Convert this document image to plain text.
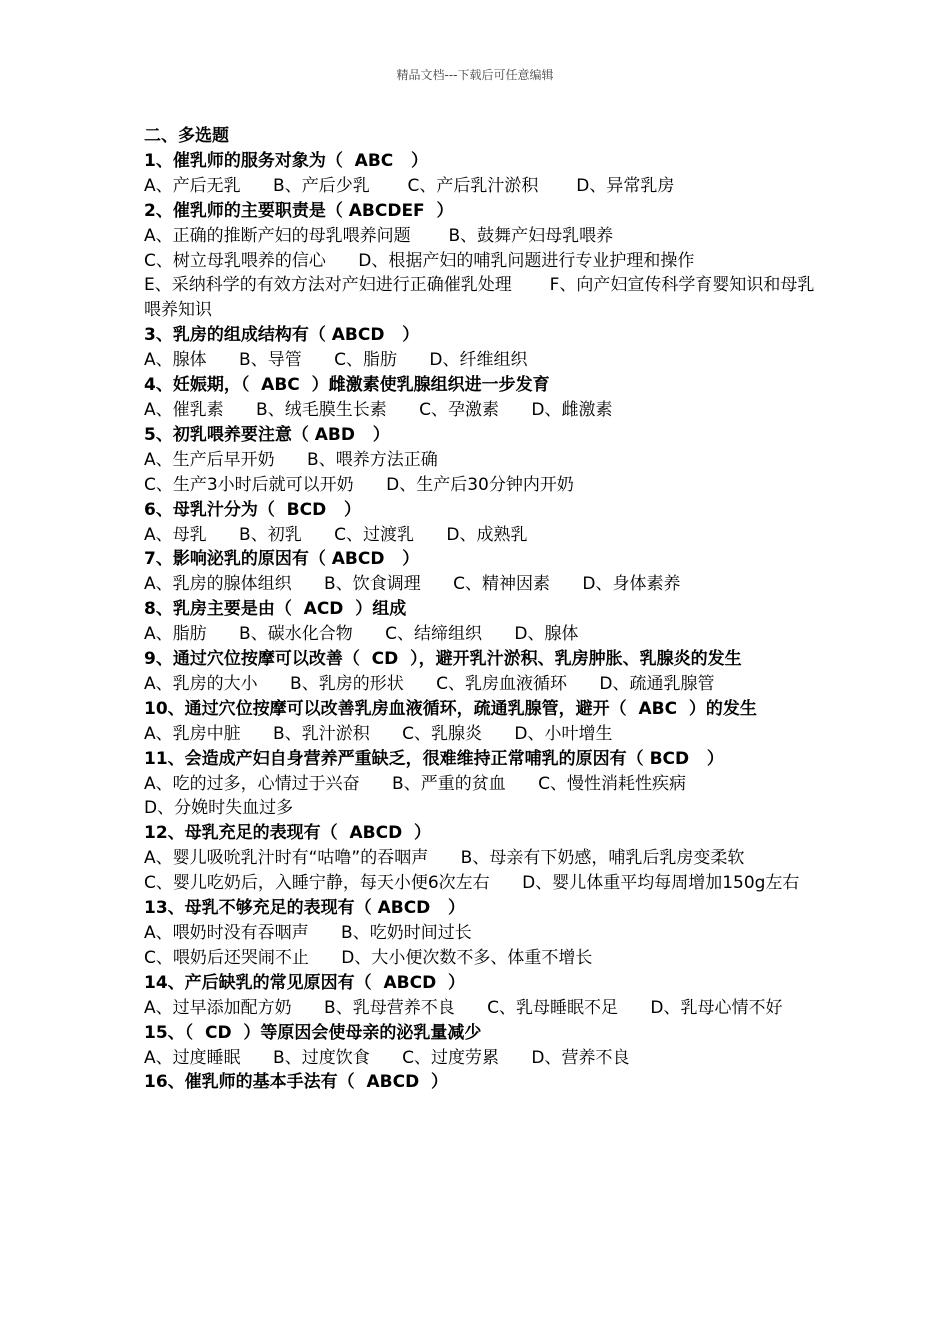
精品文档---下载后可任意编辑

二、多选题

1、催乳师的服务对象为（  ABC   ）

A、产后无乳      B、产后少乳       C、产后乳汁淤积       D、异常乳房

2、催乳师的主要职责是（ ABCDEF  ）

A、正确的推断产妇的母乳喂养问题       B、鼓舞产妇母乳喂养

C、树立母乳喂养的信心      D、根据产妇的哺乳问题进行专业护理和操作

E、采纳科学的有效方法对产妇进行正确催乳处理       F、向产妇宣传科学育婴知识和母乳喂养知识

3、乳房的组成结构有（ ABCD   ）

A、腺体      B、导管      C、脂肪      D、纤维组织

4、妊娠期，（  ABC  ）雌激素使乳腺组织进一步发育

A、催乳素      B、绒毛膜生长素      C、孕激素      D、雌激素

5、初乳喂养要注意（ ABD   ）

A、生产后早开奶      B、喂养方法正确

C、生产3小时后就可以开奶      D、生产后30分钟内开奶

6、母乳汁分为（  BCD   ）

A、母乳      B、初乳      C、过渡乳      D、成熟乳

7、影响泌乳的原因有（ ABCD   ）

A、乳房的腺体组织      B、饮食调理      C、精神因素      D、身体素养

8、乳房主要是由（  ACD  ）组成

A、脂肪      B、碳水化合物      C、结缔组织      D、腺体

9、通过穴位按摩可以改善（  CD  ），避开乳汁淤积、乳房肿胀、乳腺炎的发生

A、乳房的大小      B、乳房的形状      C、乳房血液循环      D、疏通乳腺管

10、通过穴位按摩可以改善乳房血液循环，疏通乳腺管，避开（  ABC  ）的发生

A、乳房中脏      B、乳汁淤积      C、乳腺炎      D、小叶增生

11、会造成产妇自身营养严重缺乏，很难维持正常哺乳的原因有（ BCD   ）

A、吃的过多，心情过于兴奋      B、严重的贫血      C、慢性消耗性疾病

D、分娩时失血过多

12、母乳充足的表现有（  ABCD  ）

A、婴儿吸吮乳汁时有“咕噜”的吞咽声      B、母亲有下奶感，哺乳后乳房变柔软

C、婴儿吃奶后，入睡宁静，每天小便6次左右      D、婴儿体重平均每周增加150g左右

13、母乳不够充足的表现有（ ABCD   ）

A、喂奶时没有吞咽声      B、吃奶时间过长

C、喂奶后还哭闹不止      D、大小便次数不多、体重不增长

14、产后缺乳的常见原因有（  ABCD  ）

A、过早添加配方奶      B、乳母营养不良      C、乳母睡眠不足      D、乳母心情不好

15、（  CD  ）等原因会使母亲的泌乳量减少

A、过度睡眠      B、过度饮食      C、过度劳累      D、营养不良

16、催乳师的基本手法有（  ABCD  ）
